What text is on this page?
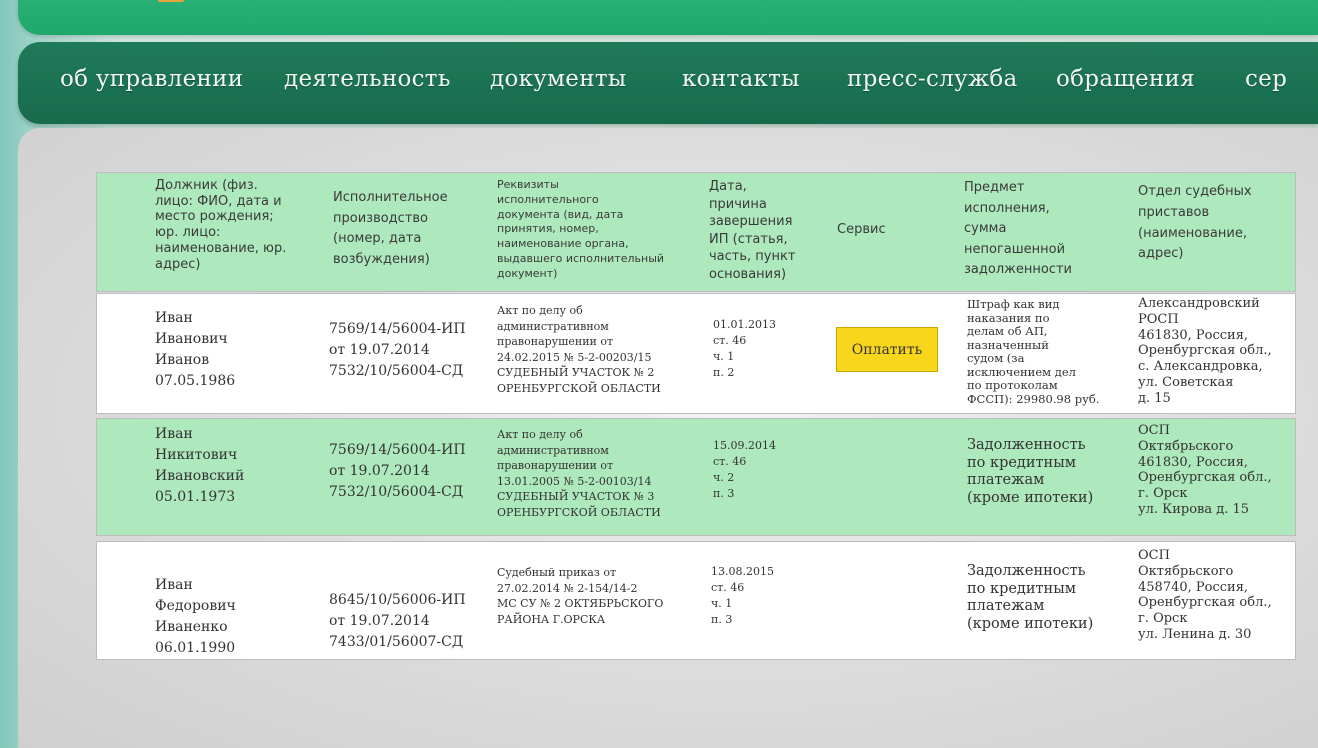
об управлении деятельность документы контакты пресс-служба обращения сер
Должник (физ.
лицо: ФИО, дата и
место рождения;
юр. лицо:
наименование, юр.
адрес)
Исполнительное
производство
(номер, дата
возбуждения)
Реквизиты
исполнительного
документа (вид, дата
принятия, номер,
наименование органа,
выдавшего исполнительный
документ)
Дата,
причина
завершения
ИП (статья,
часть, пункт
основания)
Сервис
Предмет
исполнения,
сумма
непогашенной
задолженности
Отдел судебных
приставов
(наименование,
адрес)
Иван
Иванович
Иванов
07.05.1986
7569/14/56004-ИП
от 19.07.2014
7532/10/56004-СД
Акт по делу об
административном
правонарушении от
24.02.2015 № 5-2-00203/15
СУДЕБНЫЙ УЧАСТОК № 2
ОРЕНБУРГСКОЙ ОБЛАСТИ
01.01.2013
ст. 46
ч. 1
п. 2
Оплатить
Штраф как вид
наказания по
делам об АП,
назначенный
судом (за
исключением дел
по протоколам
ФССП): 29980.98 руб.
Александровский
РОСП
461830, Россия,
Оренбургская обл.,
с. Александровка,
ул. Советская
д. 15
Иван
Никитович
Ивановский
05.01.1973
7569/14/56004-ИП
от 19.07.2014
7532/10/56004-СД
Акт по делу об
административном
правонарушении от
13.01.2005 № 5-2-00103/14
СУДЕБНЫЙ УЧАСТОК № 3
ОРЕНБУРГСКОЙ ОБЛАСТИ
15.09.2014
ст. 46
ч. 2
п. 3
Задолженность
по кредитным
платежам
(кроме ипотеки)
ОСП
Октябрьского
461830, Россия,
Оренбургская обл.,
г. Орск
ул. Кирова д. 15
Иван
Федорович
Иваненко
06.01.1990
8645/10/56006-ИП
от 19.07.2014
7433/01/56007-СД
Судебный приказ от
27.02.2014 № 2-154/14-2
МС СУ № 2 ОКТЯБРЬСКОГО
РАЙОНА Г.ОРСКА
13.08.2015
ст. 46
ч. 1
п. 3
Задолженность
по кредитным
платежам
(кроме ипотеки)
ОСП
Октябрьского
458740, Россия,
Оренбургская обл.,
г. Орск
ул. Ленина д. 30
